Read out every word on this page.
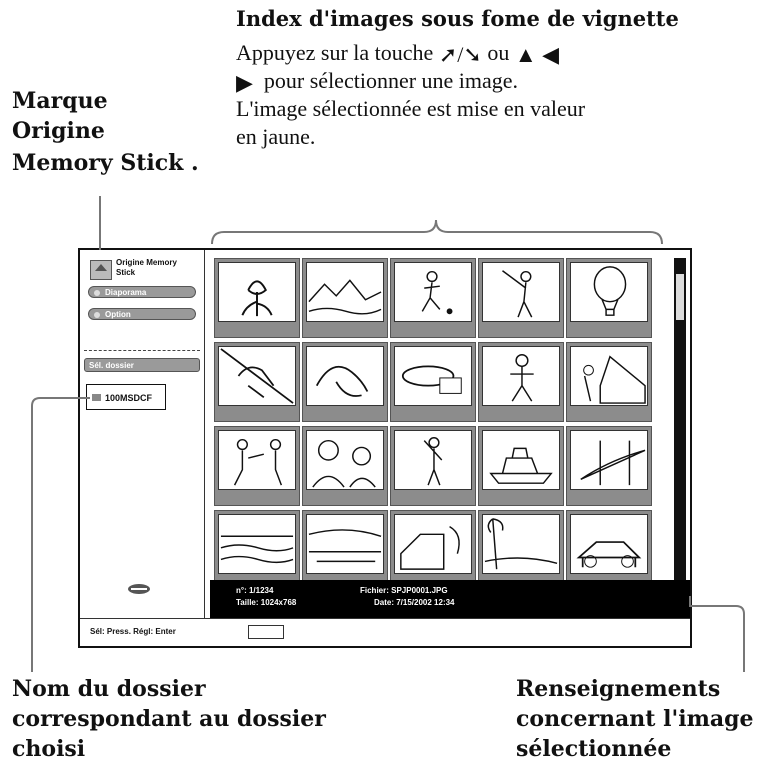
Index d'images sous fome de vignette
Appuyez sur la touche ➚/➘ ou ▲ ◀
▶ pour sélectionner une image.
L'image sélectionnée est mise en valeur
en jaune.
Marque
Origine
Memory Stick .
Nom du dossier
correspondant au dossier
choisi
Renseignements
concernant l'image
sélectionnée
Origine Memory Stick
Diaporama
Option
Sél. dossier
100MSDCF
n°: 1/1234
Taille: 1024x768
Fichier: SPJP0001.JPG
Date: 7/15/2002 12:34
Sél: Press. Régl: Enter
